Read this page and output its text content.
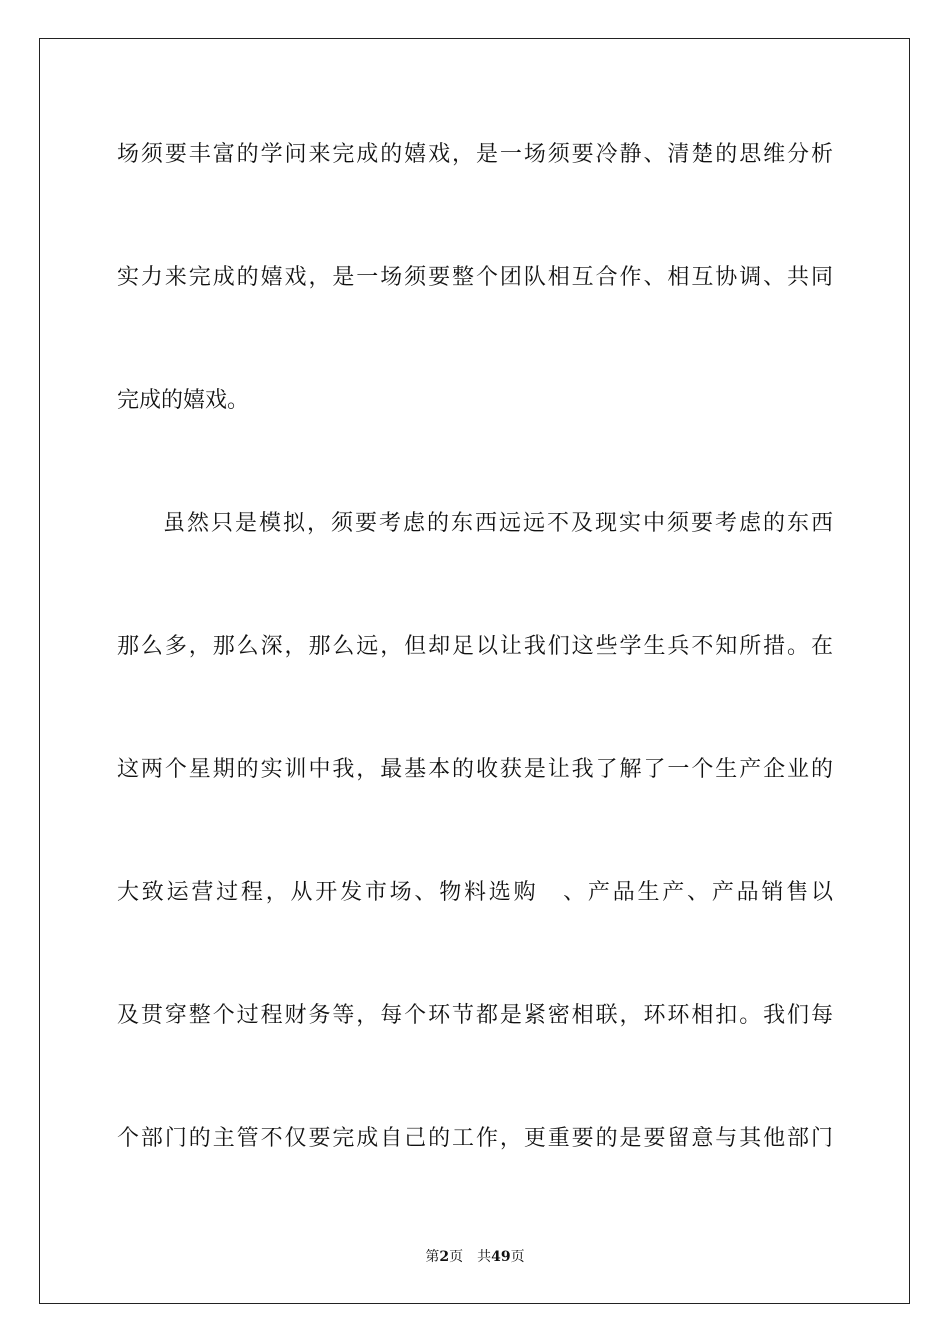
场须要丰富的学问来完成的嬉戏，是一场须要冷静、清楚的思维分析
实力来完成的嬉戏，是一场须要整个团队相互合作、相互协调、共同
完成的嬉戏。
虽然只是模拟，须要考虑的东西远远不及现实中须要考虑的东西
那么多，那么深，那么远，但却足以让我们这些学生兵不知所措。在
这两个星期的实训中我，最基本的收获是让我了解了一个生产企业的
大致运营过程，从开发市场、物料选购　、产品生产、产品销售以
及贯穿整个过程财务等，每个环节都是紧密相联，环环相扣。我们每
个部门的主管不仅要完成自己的工作，更重要的是要留意与其他部门
第2页 共49页
